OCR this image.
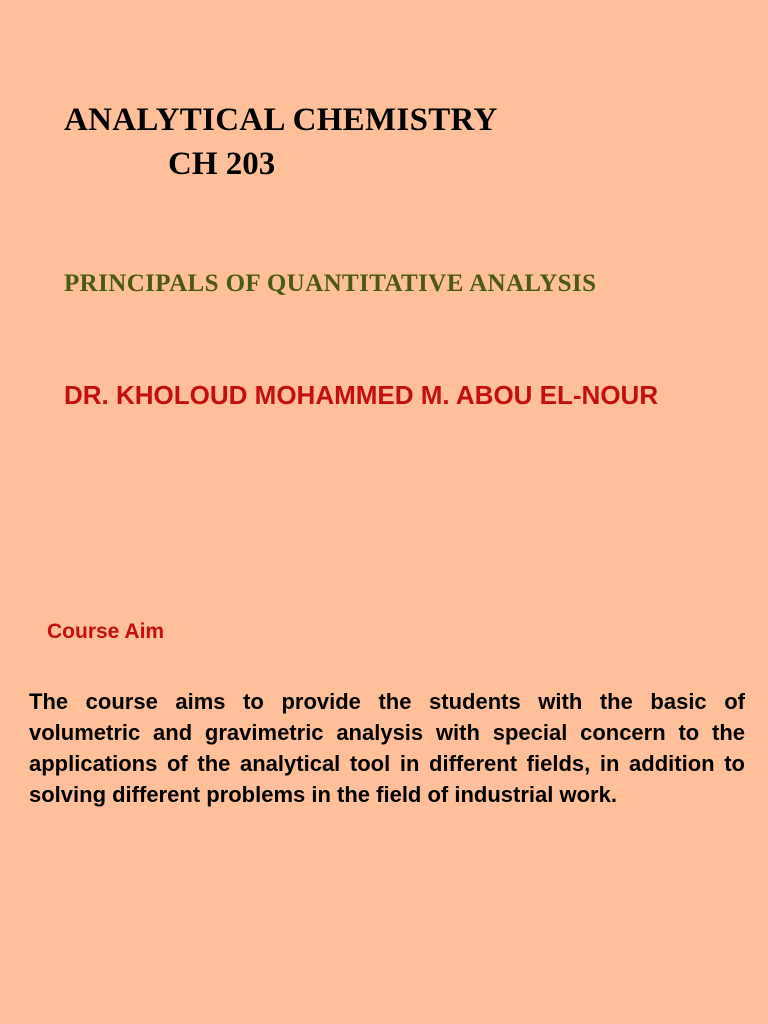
ANALYTICAL CHEMISTRY
CH 203
PRINCIPALS OF QUANTITATIVE ANALYSIS
DR. KHOLOUD MOHAMMED M. ABOU EL-NOUR
Course Aim
The course aims to provide the students with the basic of volumetric and gravimetric analysis with special concern to the applications of the analytical tool in different fields, in addition to solving different problems in the field of industrial work.
